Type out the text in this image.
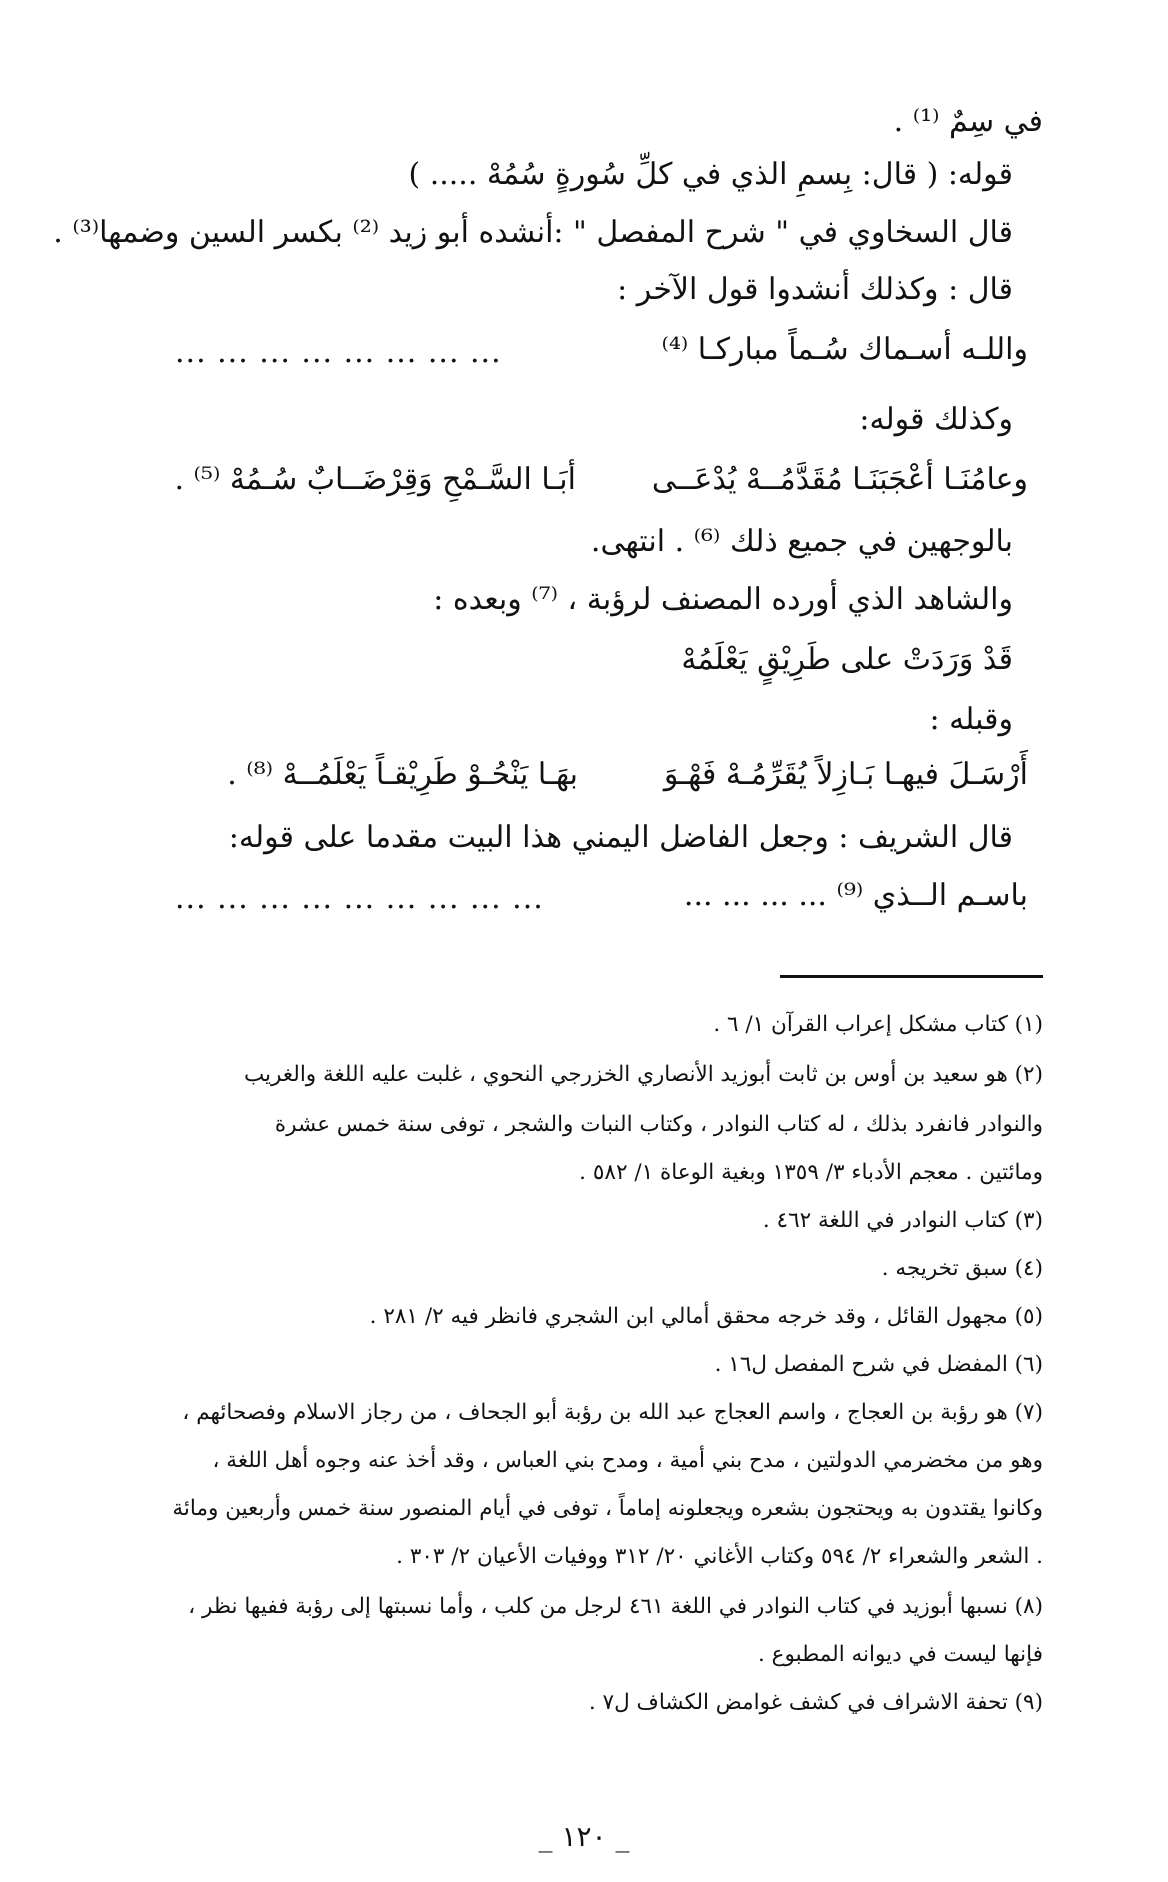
في سِمٌ ⁽¹⁾ .
قوله: ( قال: بِسمِ الذي في كلِّ سُورةٍ سُمُهْ ..... )
قال السخاوي في " شرح المفصل " :أنشده أبو زيد ⁽²⁾ بكسر السين وضمها⁽³⁾ .
قال : وكذلك أنشدوا قول الآخر :
واللـه أسـماك سُـماً مباركـا ⁽⁴⁾
... ... ... ... ... ... ... ...
وكذلك قوله:
وعامُنَـا أعْجَبَنَـا مُقَدَّمُــهْ يُدْعَــى
أبَـا السَّـمْحِ وَقِرْضَــابٌ سُـمُهْ ⁽⁵⁾ .
بالوجهين في جميع ذلك ⁽⁶⁾ . انتهى.
والشاهد الذي أورده المصنف لرؤبة ، ⁽⁷⁾ وبعده :
قَدْ وَرَدَتْ على طَرِيْقٍ يَعْلَمُهْ
وقبله :
أَرْسَـلَ فيهـا بَـازِلاً يُقَرِّمُـهْ فَهْـوَ
بهَـا يَنْحُـوْ طَرِيْقـاً يَعْلَمُــهْ ⁽⁸⁾ .
قال الشريف : وجعل الفاضل اليمني هذا البيت مقدما على قوله:
باسـم الــذي ⁽⁹⁾ ... ... ... ...
... ... ... ... ... ... ... ... ...
(١) كتاب مشكل إعراب القرآن ١/ ٦ .
(٢) هو سعيد بن أوس بن ثابت أبوزيد الأنصاري الخزرجي النحوي ، غلبت عليه اللغة والغريب
والنوادر فانفرد بذلك ، له كتاب النوادر ، وكتاب النبات والشجر ، توفى سنة خمس عشرة
ومائتين . معجم الأدباء ٣/ ١٣٥٩ وبغية الوعاة ١/ ٥٨٢ .
(٣) كتاب النوادر في اللغة ٤٦٢ .
(٤) سبق تخريجه .
(٥) مجهول القائل ، وقد خرجه محقق أمالي ابن الشجري فانظر فيه ٢/ ٢٨١ .
(٦) المفضل في شرح المفصل ل١٦ .
(٧) هو رؤبة بن العجاج ، واسم العجاج عبد الله بن رؤبة أبو الجحاف ، من رجاز الاسلام وفصحائهم ،
وهو من مخضرمي الدولتين ، مدح بني أمية ، ومدح بني العباس ، وقد أخذ عنه وجوه أهل اللغة ،
وكانوا يقتدون به ويحتجون بشعره ويجعلونه إماماً ، توفى في أيام المنصور سنة خمس وأربعين ومائة
. الشعر والشعراء ٢/ ٥٩٤ وكتاب الأغاني ٢٠/ ٣١٢ ووفيات الأعيان ٢/ ٣٠٣ .
(٨) نسبها أبوزيد في كتاب النوادر في اللغة ٤٦١ لرجل من كلب ، وأما نسبتها إلى رؤبة ففيها نظر ،
فإنها ليست في ديوانه المطبوع .
(٩) تحفة الاشراف في كشف غوامض الكشاف ل٧ .
_ ١٢٠ _
